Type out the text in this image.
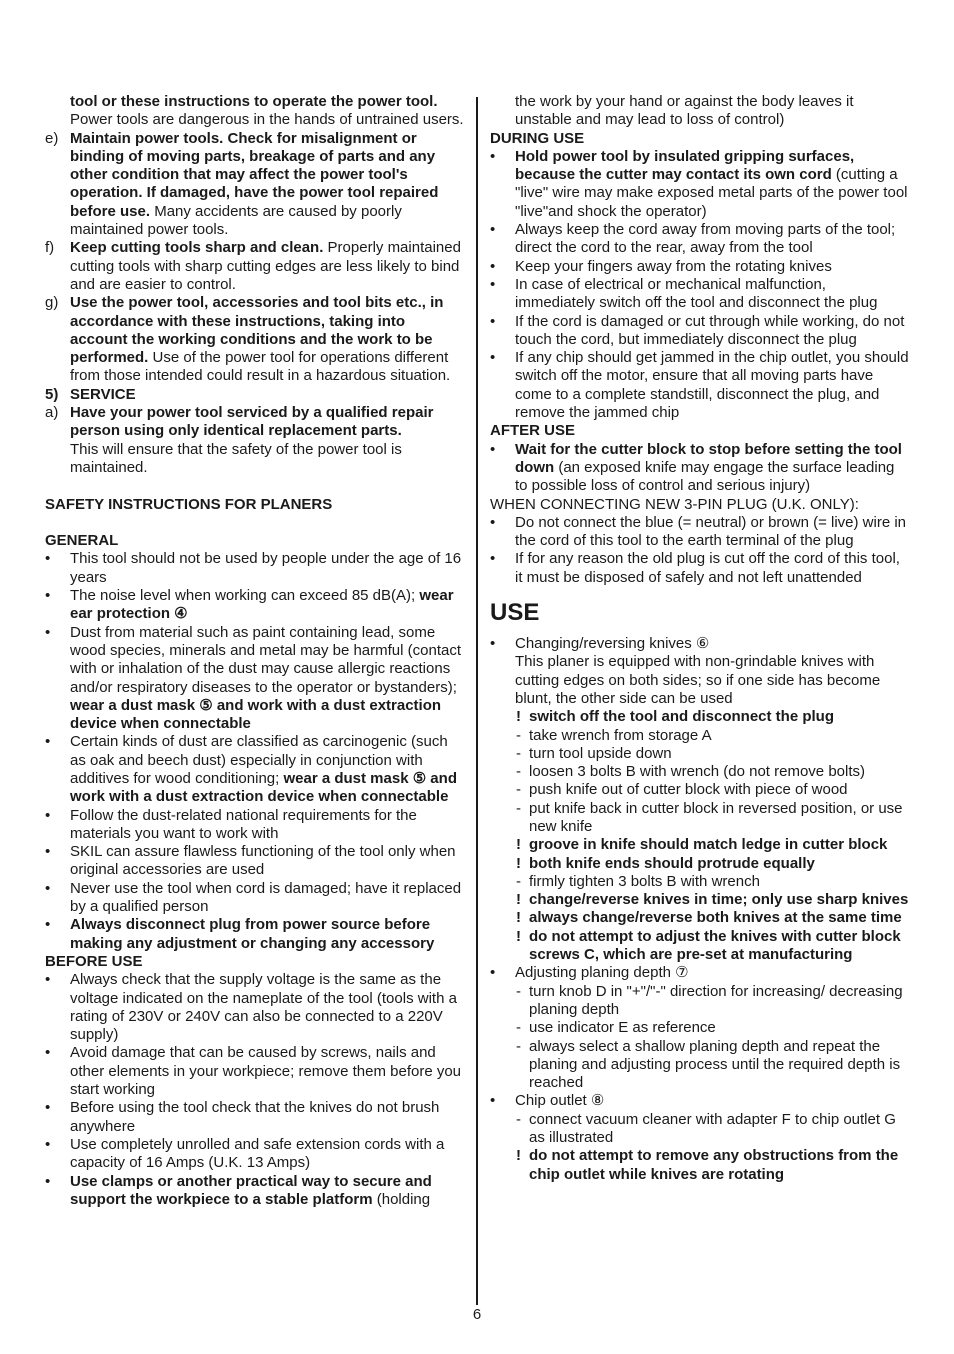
tool or these instructions to operate the power tool.
Power tools are dangerous in the hands of untrained users.

e) Maintain power tools. Check for misalignment or binding of moving parts, breakage of parts and any other condition that may affect the power tool's operation. If damaged, have the power tool repaired before use. Many accidents are caused by poorly maintained power tools.
f) Keep cutting tools sharp and clean. Properly maintained cutting tools with sharp cutting edges are less likely to bind and are easier to control.
g) Use the power tool, accessories and tool bits etc., in accordance with these instructions, taking into account the working conditions and the work to be performed. Use of the power tool for operations different from those intended could result in a hazardous situation.
5) SERVICE
a) Have your power tool serviced by a qualified repair person using only identical replacement parts.
This will ensure that the safety of the power tool is maintained.

SAFETY INSTRUCTIONS FOR PLANERS

GENERAL

• This tool should not be used by people under the age of 16 years
• The noise level when working can exceed 85 dB(A); wear ear protection ④
• Dust from material such as paint containing lead, some wood species, minerals and metal may be harmful (contact with or inhalation of the dust may cause allergic reactions and/or respiratory diseases to the operator or bystanders); wear a dust mask ⑤ and work with a dust extraction device when connectable
• Certain kinds of dust are classified as carcinogenic (such as oak and beech dust) especially in conjunction with additives for wood conditioning; wear a dust mask ⑤ and work with a dust extraction device when connectable
• Follow the dust-related national requirements for the materials you want to work with
• SKIL can assure flawless functioning of the tool only when original accessories are used
• Never use the tool when cord is damaged; have it replaced by a qualified person
• Always disconnect plug from power source before making any adjustment or changing any accessory

BEFORE USE

• Always check that the supply voltage is the same as the voltage indicated on the nameplate of the tool (tools with a rating of 230V or 240V can also be connected to a 220V supply)
• Avoid damage that can be caused by screws, nails and other elements in your workpiece; remove them before you start working
• Before using the tool check that the knives do not brush anywhere
• Use completely unrolled and safe extension cords with a capacity of 16 Amps (U.K. 13 Amps)
• Use clamps or another practical way to secure and support the workpiece to a stable platform (holding

the work by your hand or against the body leaves it unstable and may lead to loss of control)

DURING USE

• Hold power tool by insulated gripping surfaces, because the cutter may contact its own cord (cutting a "live" wire may make exposed metal parts of the power tool "live"and shock the operator)
• Always keep the cord away from moving parts of the tool; direct the cord to the rear, away from the tool
• Keep your fingers away from the rotating knives
• In case of electrical or mechanical malfunction, immediately switch off the tool and disconnect the plug
• If the cord is damaged or cut through while working, do not touch the cord, but immediately disconnect the plug
• If any chip should get jammed in the chip outlet, you should switch off the motor, ensure that all moving parts have come to a complete standstill, disconnect the plug, and remove the jammed chip

AFTER USE

• Wait for the cutter block to stop before setting the tool down (an exposed knife may engage the surface leading to possible loss of control and serious injury)

WHEN CONNECTING NEW 3-PIN PLUG (U.K. ONLY):

• Do not connect the blue (= neutral) or brown (= live) wire in the cord of this tool to the earth terminal of the plug
• If for any reason the old plug is cut off the cord of this tool, it must be disposed of safely and not left unattended

USE

• Changing/reversing knives ⑥
This planer is equipped with non-grindable knives with cutting edges on both sides; so if one side has become blunt, the other side can be used
! switch off the tool and disconnect the plug
- take wrench from storage A
- turn tool upside down
- loosen 3 bolts B with wrench (do not remove bolts)
- push knife out of cutter block with piece of wood
- put knife back in cutter block in reversed position, or use new knife
! groove in knife should match ledge in cutter block
! both knife ends should protrude equally
- firmly tighten 3 bolts B with wrench
! change/reverse knives in time; only use sharp knives
! always change/reverse both knives at the same time
! do not attempt to adjust the knives with cutter block screws C, which are pre-set at manufacturing
• Adjusting planing depth ⑦
- turn knob D in "+"/"-" direction for increasing/ decreasing planing depth
- use indicator E as reference
- always select a shallow planing depth and repeat the planing and adjusting process until the required depth is reached
• Chip outlet ⑧
- connect vacuum cleaner with adapter F to chip outlet G as illustrated
! do not attempt to remove any obstructions from the chip outlet while knives are rotating
6
